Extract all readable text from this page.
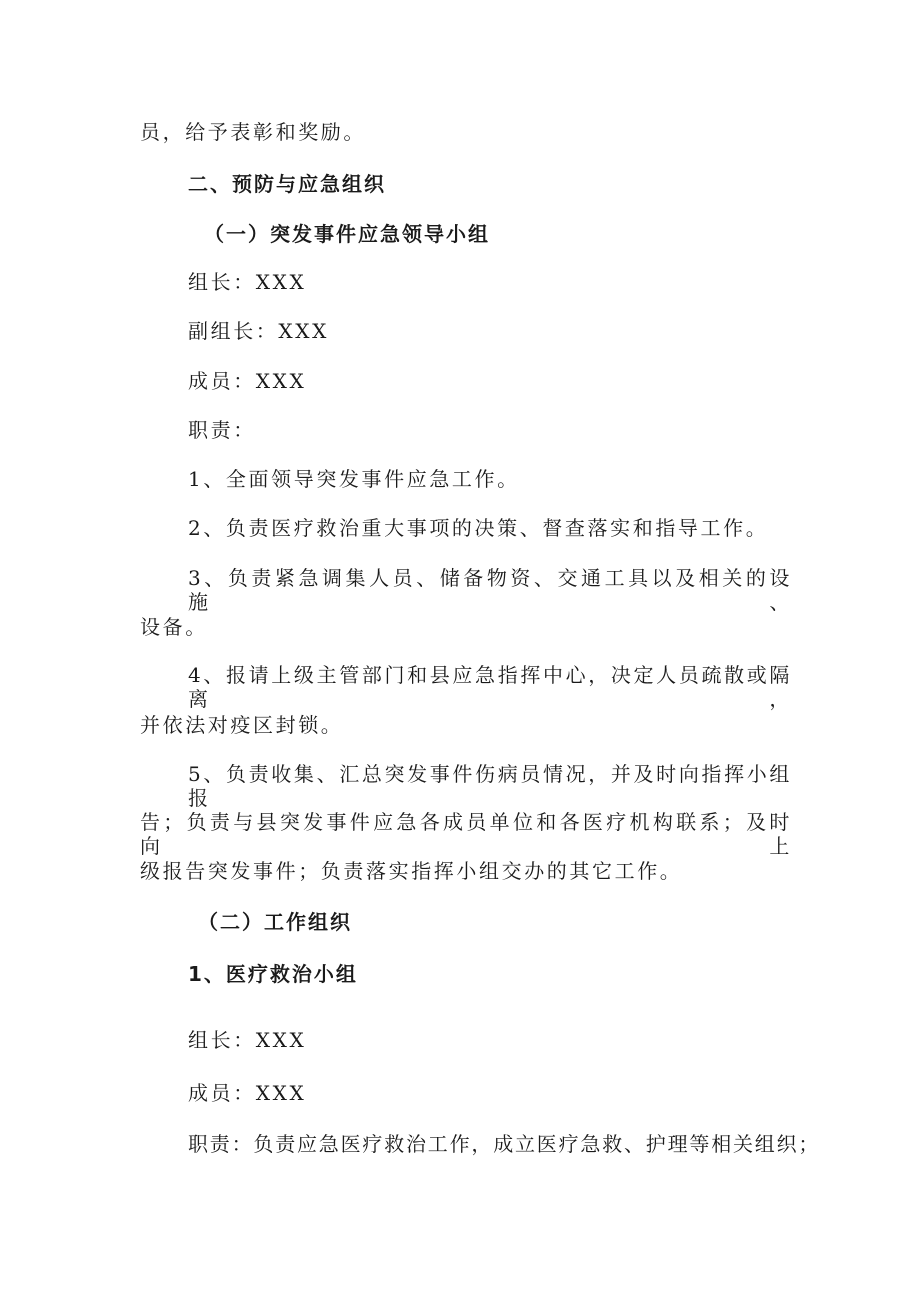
员，给予表彰和奖励。
二、预防与应急组织
（一）突发事件应急领导小组
组长：XXX
副组长：XXX
成员：XXX
职责：
1、全面领导突发事件应急工作。
2、负责医疗救治重大事项的决策、督查落实和指导工作。
3、负责紧急调集人员、储备物资、交通工具以及相关的设施、
设备。
4、报请上级主管部门和县应急指挥中心，决定人员疏散或隔离，
并依法对疫区封锁。
5、负责收集、汇总突发事件伤病员情况，并及时向指挥小组报
告；负责与县突发事件应急各成员单位和各医疗机构联系；及时向上
级报告突发事件；负责落实指挥小组交办的其它工作。
（二）工作组织
1、医疗救治小组
组长：XXX
成员：XXX
职责：负责应急医疗救治工作，成立医疗急救、护理等相关组织；
